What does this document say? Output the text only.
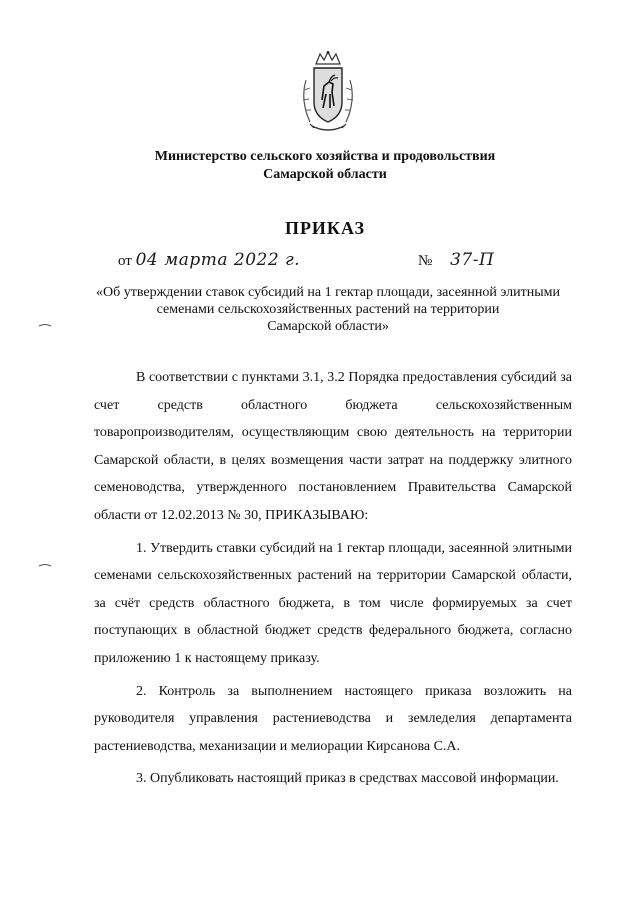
Министерство сельского хозяйства и продовольствия
Самарской области
ПРИКАЗ
от 04 марта 2022 г.	№ 37-П
«Об утверждении ставок субсидий на 1 гектар площади, засеянной элитными
семенами сельскохозяйственных растений на территории
Самарской области»

В соответствии с пунктами 3.1, 3.2 Порядка предоставления субсидий за счет средств областного бюджета сельскохозяйственным товаропроизводителям, осуществляющим свою деятельность на территории Самарской области, в целях возмещения части затрат на поддержку элитного семеноводства, утвержденного постановлением Правительства Самарской области от 12.02.2013 № 30, ПРИКАЗЫВАЮ:

1. Утвердить ставки субсидий на 1 гектар площади, засеянной элитными семенами сельскохозяйственных растений на территории Самарской области, за счёт средств областного бюджета, в том числе формируемых за счет поступающих в областной бюджет средств федерального бюджета, согласно приложению 1 к настоящему приказу.

2. Контроль за выполнением настоящего приказа возложить на руководителя управления растениеводства и земледелия департамента растениеводства, механизации и мелиорации Кирсанова С.А.

3. Опубликовать настоящий приказ в средствах массовой информации.
